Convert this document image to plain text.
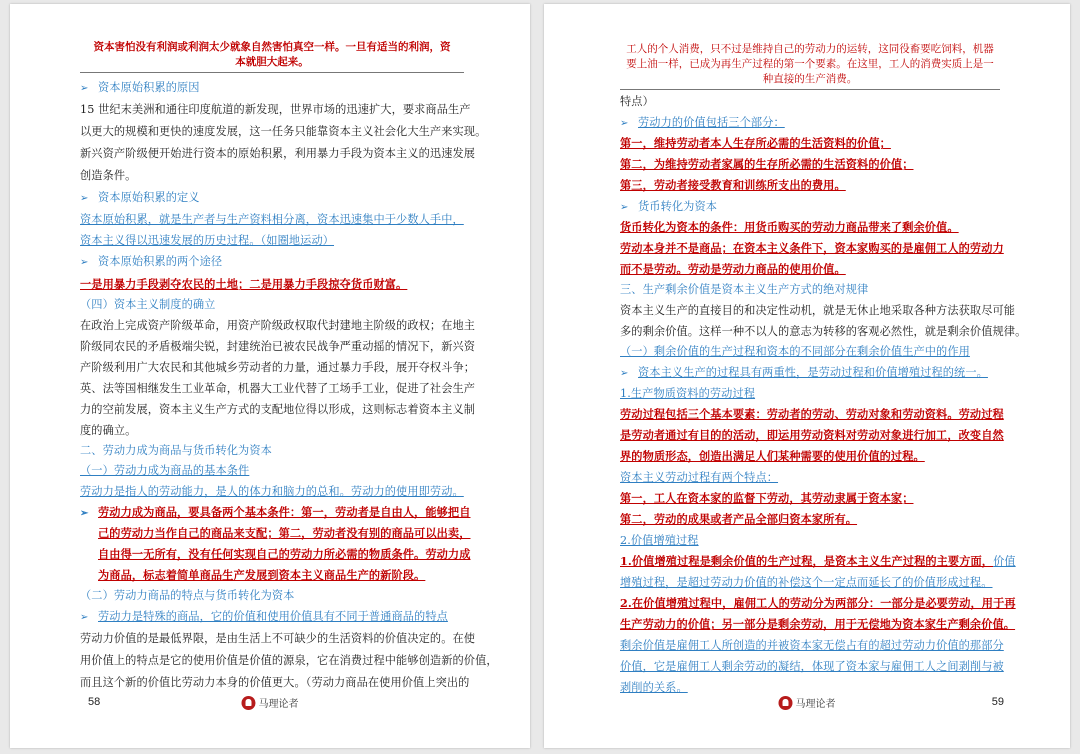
资本害怕没有利润或利润太少就象自然害怕真空一样。一旦有适当的利润，资
本就胆大起来。
➢ 资本原始积累的原因
15 世纪末美洲和通往印度航道的新发现，世界市场的迅速扩大，要求商品生产
以更大的规模和更快的速度发展，这一任务只能靠资本主义社会化大生产来实现。
新兴资产阶级便开始进行资本的原始积累，利用暴力手段为资本主义的迅速发展
创造条件。
➢ 资本原始积累的定义
资本原始积累，就是生产者与生产资料相分离，资本迅速集中于少数人手中，
资本主义得以迅速发展的历史过程。（如圈地运动）
➢ 资本原始积累的两个途径
一是用暴力手段剥夺农民的土地；二是用暴力手段掠夺货币财富。
（四）资本主义制度的确立
在政治上完成资产阶级革命，用资产阶级政权取代封建地主阶级的政权；在地主
阶级同农民的矛盾极端尖锐，封建统治已被农民战争严重动摇的情况下，新兴资
产阶级利用广大农民和其他城乡劳动者的力量，通过暴力手段，展开夺权斗争；
英、法等国相继发生工业革命，机器大工业代替了工场手工业，促进了社会生产
力的空前发展，资本主义生产方式的支配地位得以形成，这则标志着资本主义制
度的确立。
二、劳动力成为商品与货币转化为资本
（一）劳动力成为商品的基本条件
劳动力是指人的劳动能力，是人的体力和脑力的总和。劳动力的使用即劳动。
➢ 劳动力成为商品，要具备两个基本条件：第一，劳动者是自由人，能够把自
己的劳动力当作自己的商品来支配；第二，劳动者没有别的商品可以出卖，
自由得一无所有，没有任何实现自己的劳动力所必需的物质条件。劳动力成
为商品，标志着简单商品生产发展到资本主义商品生产的新阶段。
（二）劳动力商品的特点与货币转化为资本
➢ 劳动力是特殊的商品，它的价值和使用价值具有不同于普通商品的特点
劳动力价值的是最低界限，是由生活上不可缺少的生活资料的价值决定的。在使
用价值上的特点是它的使用价值是价值的源泉，它在消费过程中能够创造新的价值，
而且这个新的价值比劳动力本身的价值更大。（劳动力商品在使用价值上突出的
58	马理论者
工人的个人消费，只不过是维持自己的劳动力的运转，这同役畜要吃饲料，机器
要上油一样，已成为再生产过程的第一个要素。在这里，工人的消费实质上是一
种直接的生产消费。
特点）
➢ 劳动力的价值包括三个部分：
第一，维持劳动者本人生存所必需的生活资料的价值；
第二，为维持劳动者家属的生存所必需的生活资料的价值；
第三，劳动者接受教育和训练所支出的费用。
➢ 货币转化为资本
货币转化为资本的条件：用货币购买的劳动力商品带来了剩余价值。
劳动本身并不是商品；在资本主义条件下，资本家购买的是雇佣工人的劳动力
而不是劳动。劳动是劳动力商品的使用价值。
三、生产剩余价值是资本主义生产方式的绝对规律
资本主义生产的直接目的和决定性动机，就是无休止地采取各种方法获取尽可能
多的剩余价值。这样一种不以人的意志为转移的客观必然性，就是剩余价值规律。
（一）剩余价值的生产过程和资本的不同部分在剩余价值生产中的作用
➢ 资本主义生产的过程具有两重性，是劳动过程和价值增殖过程的统一。
1.生产物质资料的劳动过程
劳动过程包括三个基本要素：劳动者的劳动、劳动对象和劳动资料。劳动过程
是劳动者通过有目的的活动，即运用劳动资料对劳动对象进行加工，改变自然
界的物质形态，创造出满足人们某种需要的使用价值的过程。
资本主义劳动过程有两个特点：
第一，工人在资本家的监督下劳动，其劳动隶属于资本家；
第二，劳动的成果或者产品全部归资本家所有。
2.价值增殖过程
1.价值增殖过程是剩余价值的生产过程，是资本主义生产过程的主要方面，价值
增殖过程，是超过劳动力价值的补偿这个一定点而延长了的价值形成过程。
2.在价值增殖过程中，雇佣工人的劳动分为两部分：一部分是必要劳动，用于再
生产劳动力的价值；另一部分是剩余劳动，用于无偿地为资本家生产剩余价值。
剩余价值是雇佣工人所创造的并被资本家无偿占有的超过劳动力价值的那部分
价值，它是雇佣工人剩余劳动的凝结，体现了资本家与雇佣工人之间剥削与被
剥削的关系。
59
马理论者
